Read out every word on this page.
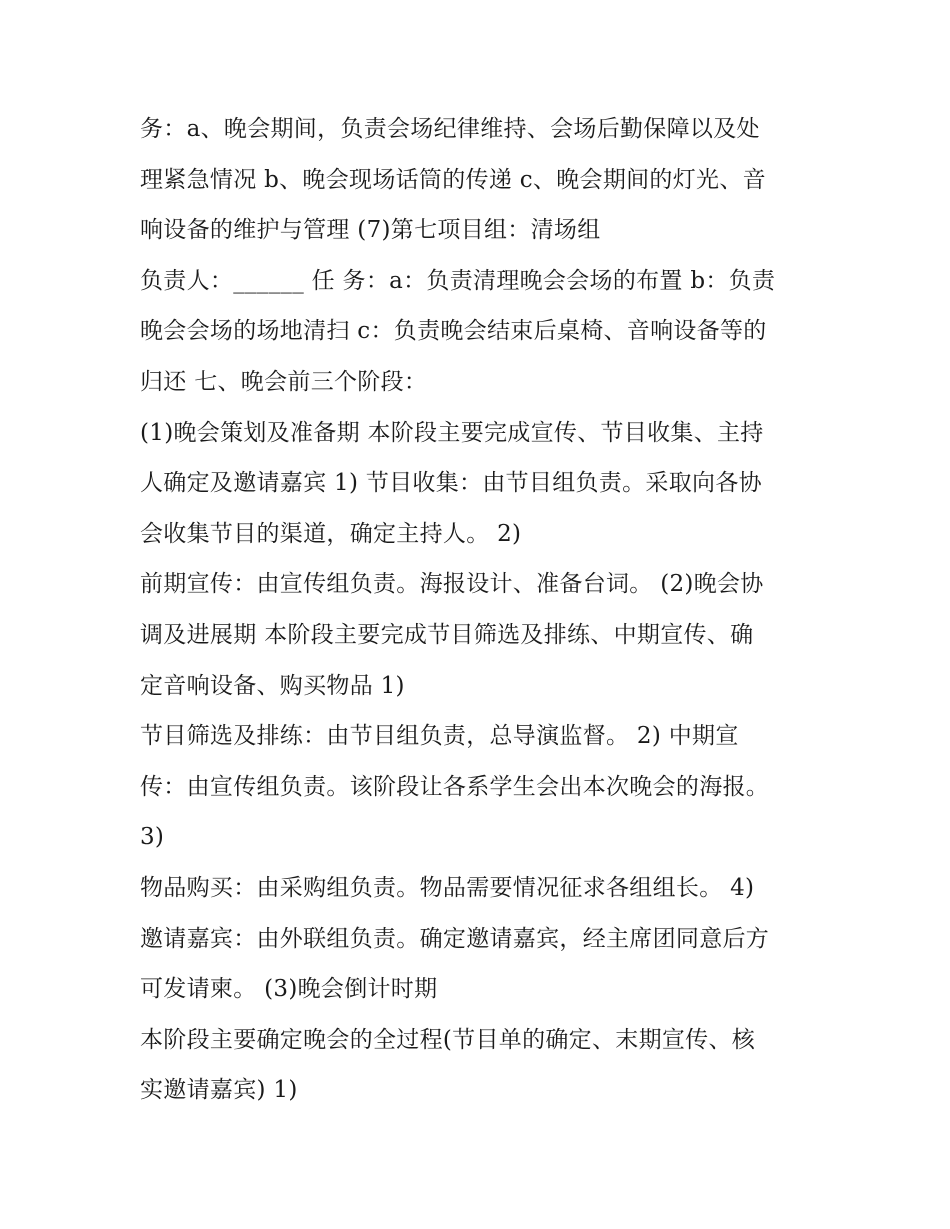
务：a、晚会期间，负责会场纪律维持、会场后勤保障以及处
理紧急情况 b、晚会现场话筒的传递 c、晚会期间的灯光、音
响设备的维护与管理 (7)第七项目组：清场组
负责人：______ 任 务：a：负责清理晚会会场的布置 b：负责
晚会会场的场地清扫 c：负责晚会结束后桌椅、音响设备等的
归还 七、晚会前三个阶段：
(1)晚会策划及准备期 本阶段主要完成宣传、节目收集、主持
人确定及邀请嘉宾 1) 节目收集：由节目组负责。采取向各协
会收集节目的渠道，确定主持人。 2)
前期宣传：由宣传组负责。海报设计、准备台词。 (2)晚会协
调及进展期 本阶段主要完成节目筛选及排练、中期宣传、确
定音响设备、购买物品 1)
节目筛选及排练：由节目组负责，总导演监督。 2) 中期宣
传：由宣传组负责。该阶段让各系学生会出本次晚会的海报。
3)
物品购买：由采购组负责。物品需要情况征求各组组长。 4)
邀请嘉宾：由外联组负责。确定邀请嘉宾，经主席团同意后方
可发请柬。 (3)晚会倒计时期
本阶段主要确定晚会的全过程(节目单的确定、末期宣传、核
实邀请嘉宾) 1)
